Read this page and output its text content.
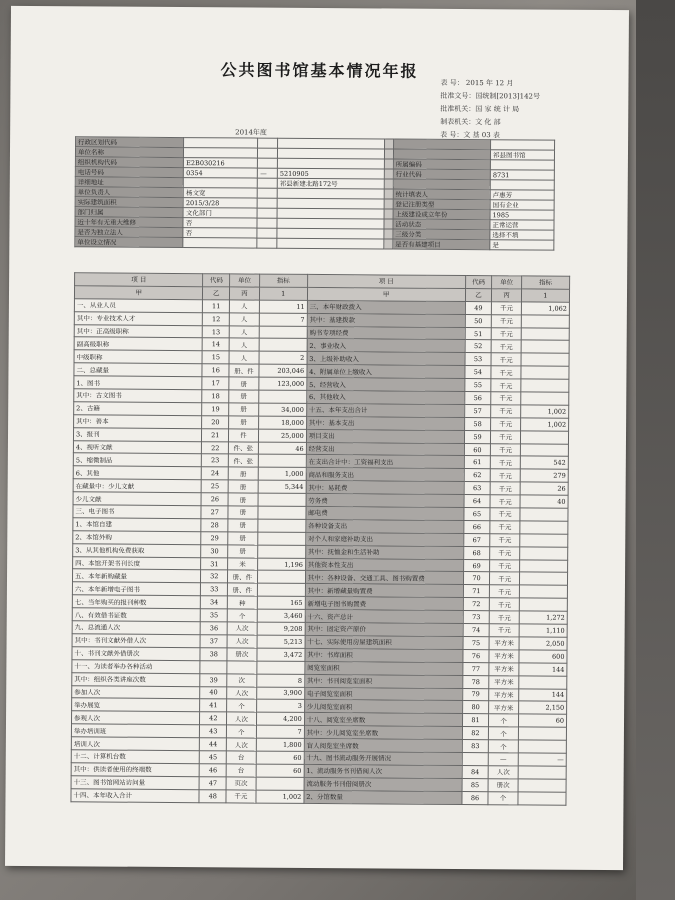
公共图书馆基本情况年报
表 号： 2015 年 12 月
批准文号：国统制[2013]142号
批准机关：国 家 统 计 局
制表机关：文 化 部
表 号：文 基 03 表
2014年度
行政区划代码						
单位名称						祁县图书馆
组织机构代码	E2B030216				所属编码	
电话号码	0354	—	5210905		行业代码	8731
详细地址			祁县新建北路172号			
单位负责人	杨文宽				统计填表人	卢惠芳
实际建筑面积	2015/3/28				登记注册类型	国有企业
部门归属	文化部门				上级建设成立年份	1985
近十年有无重大维修	否				活动状态	正常运营
是否为独立法人	否				三级分类	选择不填
单位设立情况					是否有基建项目	是
项 目	代码	单位	指标	项 目	代码	单位	指标
甲	乙	丙	1	甲	乙	丙	1
一、从业人员	11	人	11	三、本年财政拨入	49	千元	1,062
其中：专业技术人才	12	人	7	其中：基建拨款	50	千元	
其中：正高级职称	13	人		购书专项经费	51	千元	
副高级职称	14	人		2、事业收入	52	千元	
中级职称	15	人	2	3、上级补助收入	53	千元	
二、总藏量	16	册、件	203,046	4、附属单位上缴收入	54	千元	
1、图书	17	册	123,000	5、经营收入	55	千元	
其中：古文图书	18	册		6、其他收入	56	千元	
2、古籍	19	册	34,000	十五、本年支出合计	57	千元	1,002
其中：善本	20	册	18,000	其中：基本支出	58	千元	1,002
3、报刊	21	件	25,000	项目支出	59	千元	
4、视听文献	22	件、张	46	经营支出	60	千元	
5、缩微制品	23	件、张		在支出合计中：工资福利支出	61	千元	542
6、其他	24	册	1,000	商品和服务支出	62	千元	279
在藏量中：少儿文献	25	册	5,344	其中：易耗费	63	千元	26
少儿文献	26	册		劳务费	64	千元	40
三、电子图书	27	册		邮电费	65	千元	
1、本馆自建	28	册		各种设备支出	66	千元	
2、本馆外购	29	册		对个人和家庭补助支出	67	千元	
3、从其他机构免费获取	30	册		其中：抚恤金和生活补助	68	千元	
四、本馆开架书刊长度	31	米	1,196	其他资本性支出	69	千元	
五、本年新购藏量	32	册、件		其中：各种设备、交通工具、图书购置费	70	千元	
六、本年新增电子图书	33	册、件		其中：新增藏量购置费	71	千元	
七、当年购买的报刊种数	34	种	165	新增电子图书购置费	72	千元	
八、有效借书证数	35	个	3,460	十六、资产总计	73	千元	1,272
九、总流通人次	36	人次	9,208	其中：固定资产原价	74	千元	1,110
其中：书刊文献外借人次	37	人次	5,213	十七、实际使用房屋建筑面积	75	平方米	2,050
十、书刊文献外借册次	38	册次	3,472	其中：书库面积	76	平方米	600
十一、为读者举办各种活动				阅览室面积	77	平方米	144
其中：组织各类讲座次数	39	次	8	其中：书刊阅览室面积	78	平方米	
参加人次	40	人次	3,900	电子阅览室面积	79	平方米	144
举办展览	41	个	3	少儿阅览室面积	80	平方米	2,150
参观人次	42	人次	4,200	十八、阅览室坐席数	81	个	60
举办培训班	43	个	7	其中：少儿阅览室坐席数	82	个	
培训人次	44	人次	1,800	盲人阅览室坐席数	83	个	
十二、计算机台数	45	台	60	十九、图书流动服务开展情况		—	—
其中：供读者使用的终端数	46	台	60	1、流动服务书刊借阅人次	84	人次	
十三、图书馆网站访问量	47	页次		流动服务书刊借阅册次	85	册次	
十四、本年收入合计	48	千元	1,002	2、分馆数量	86	个	
